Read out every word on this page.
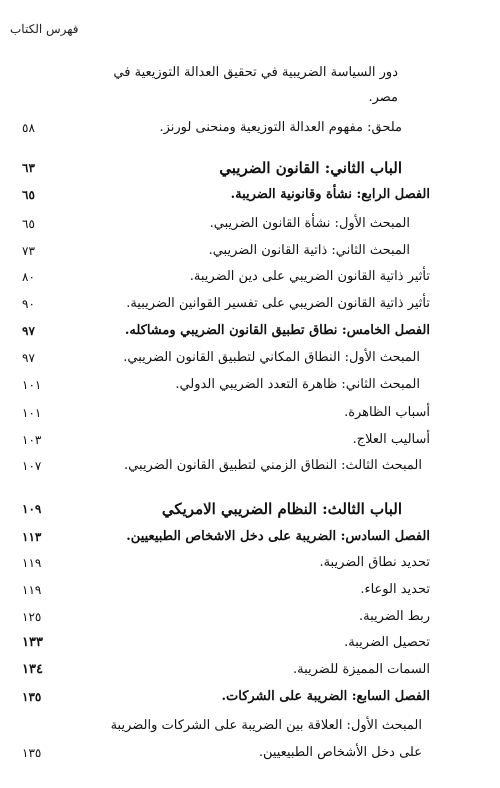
فهرس الكتاب
دور السياسة الضريبية في تحقيق العدالة التوزيعية في
مصر.
ملحق: مفهوم العدالة التوزيعية ومنحنى لورنز.
٥٨
الباب الثاني: القانون الضريبي
٦٣
الفصل الرابع: نشأة وقانونية الضريبة.
٦٥
المبحث الأول: نشأة القانون الضريبي.
٦٥
المبحث الثاني: ذاتية القانون الضريبي.
٧٣
تأثير ذاتية القانون الضريبي على دين الضريبة.
٨٠
تأثير ذاتية القانون الضريبي على تفسير القوانين الضريبية.
٩٠
الفصل الخامس: نطاق تطبيق القانون الضريبي ومشاكله.
٩٧
المبحث الأول: النطاق المكاني لتطبيق القانون الضريبي.
٩٧
المبحث الثاني: ظاهرة التعدد الضريبي الدولي.
١٠١
أسباب الظاهرة.
١٠١
أساليب العلاج.
١٠٣
المبحث الثالث: النطاق الزمني لتطبيق القانون الضريبي.
١٠٧
الباب الثالث: النظام الضريبي الامريكي
١٠٩
الفصل السادس: الضريبة على دخل الاشخاص الطبيعيين.
١١٣
تحديد نطاق الضريبة.
١١٩
تحديد الوعاء.
١١٩
ربط الضريبة.
١٢٥
تحصيل الضريبة.
١٣٣
السمات المميزة للضريبة.
١٣٤
الفصل السابع: الضريبة على الشركات.
١٣٥
المبحث الأول: العلاقة بين الضريبة على الشركات والضريبة
على دخل الأشخاص الطبيعيين.
١٣٥
